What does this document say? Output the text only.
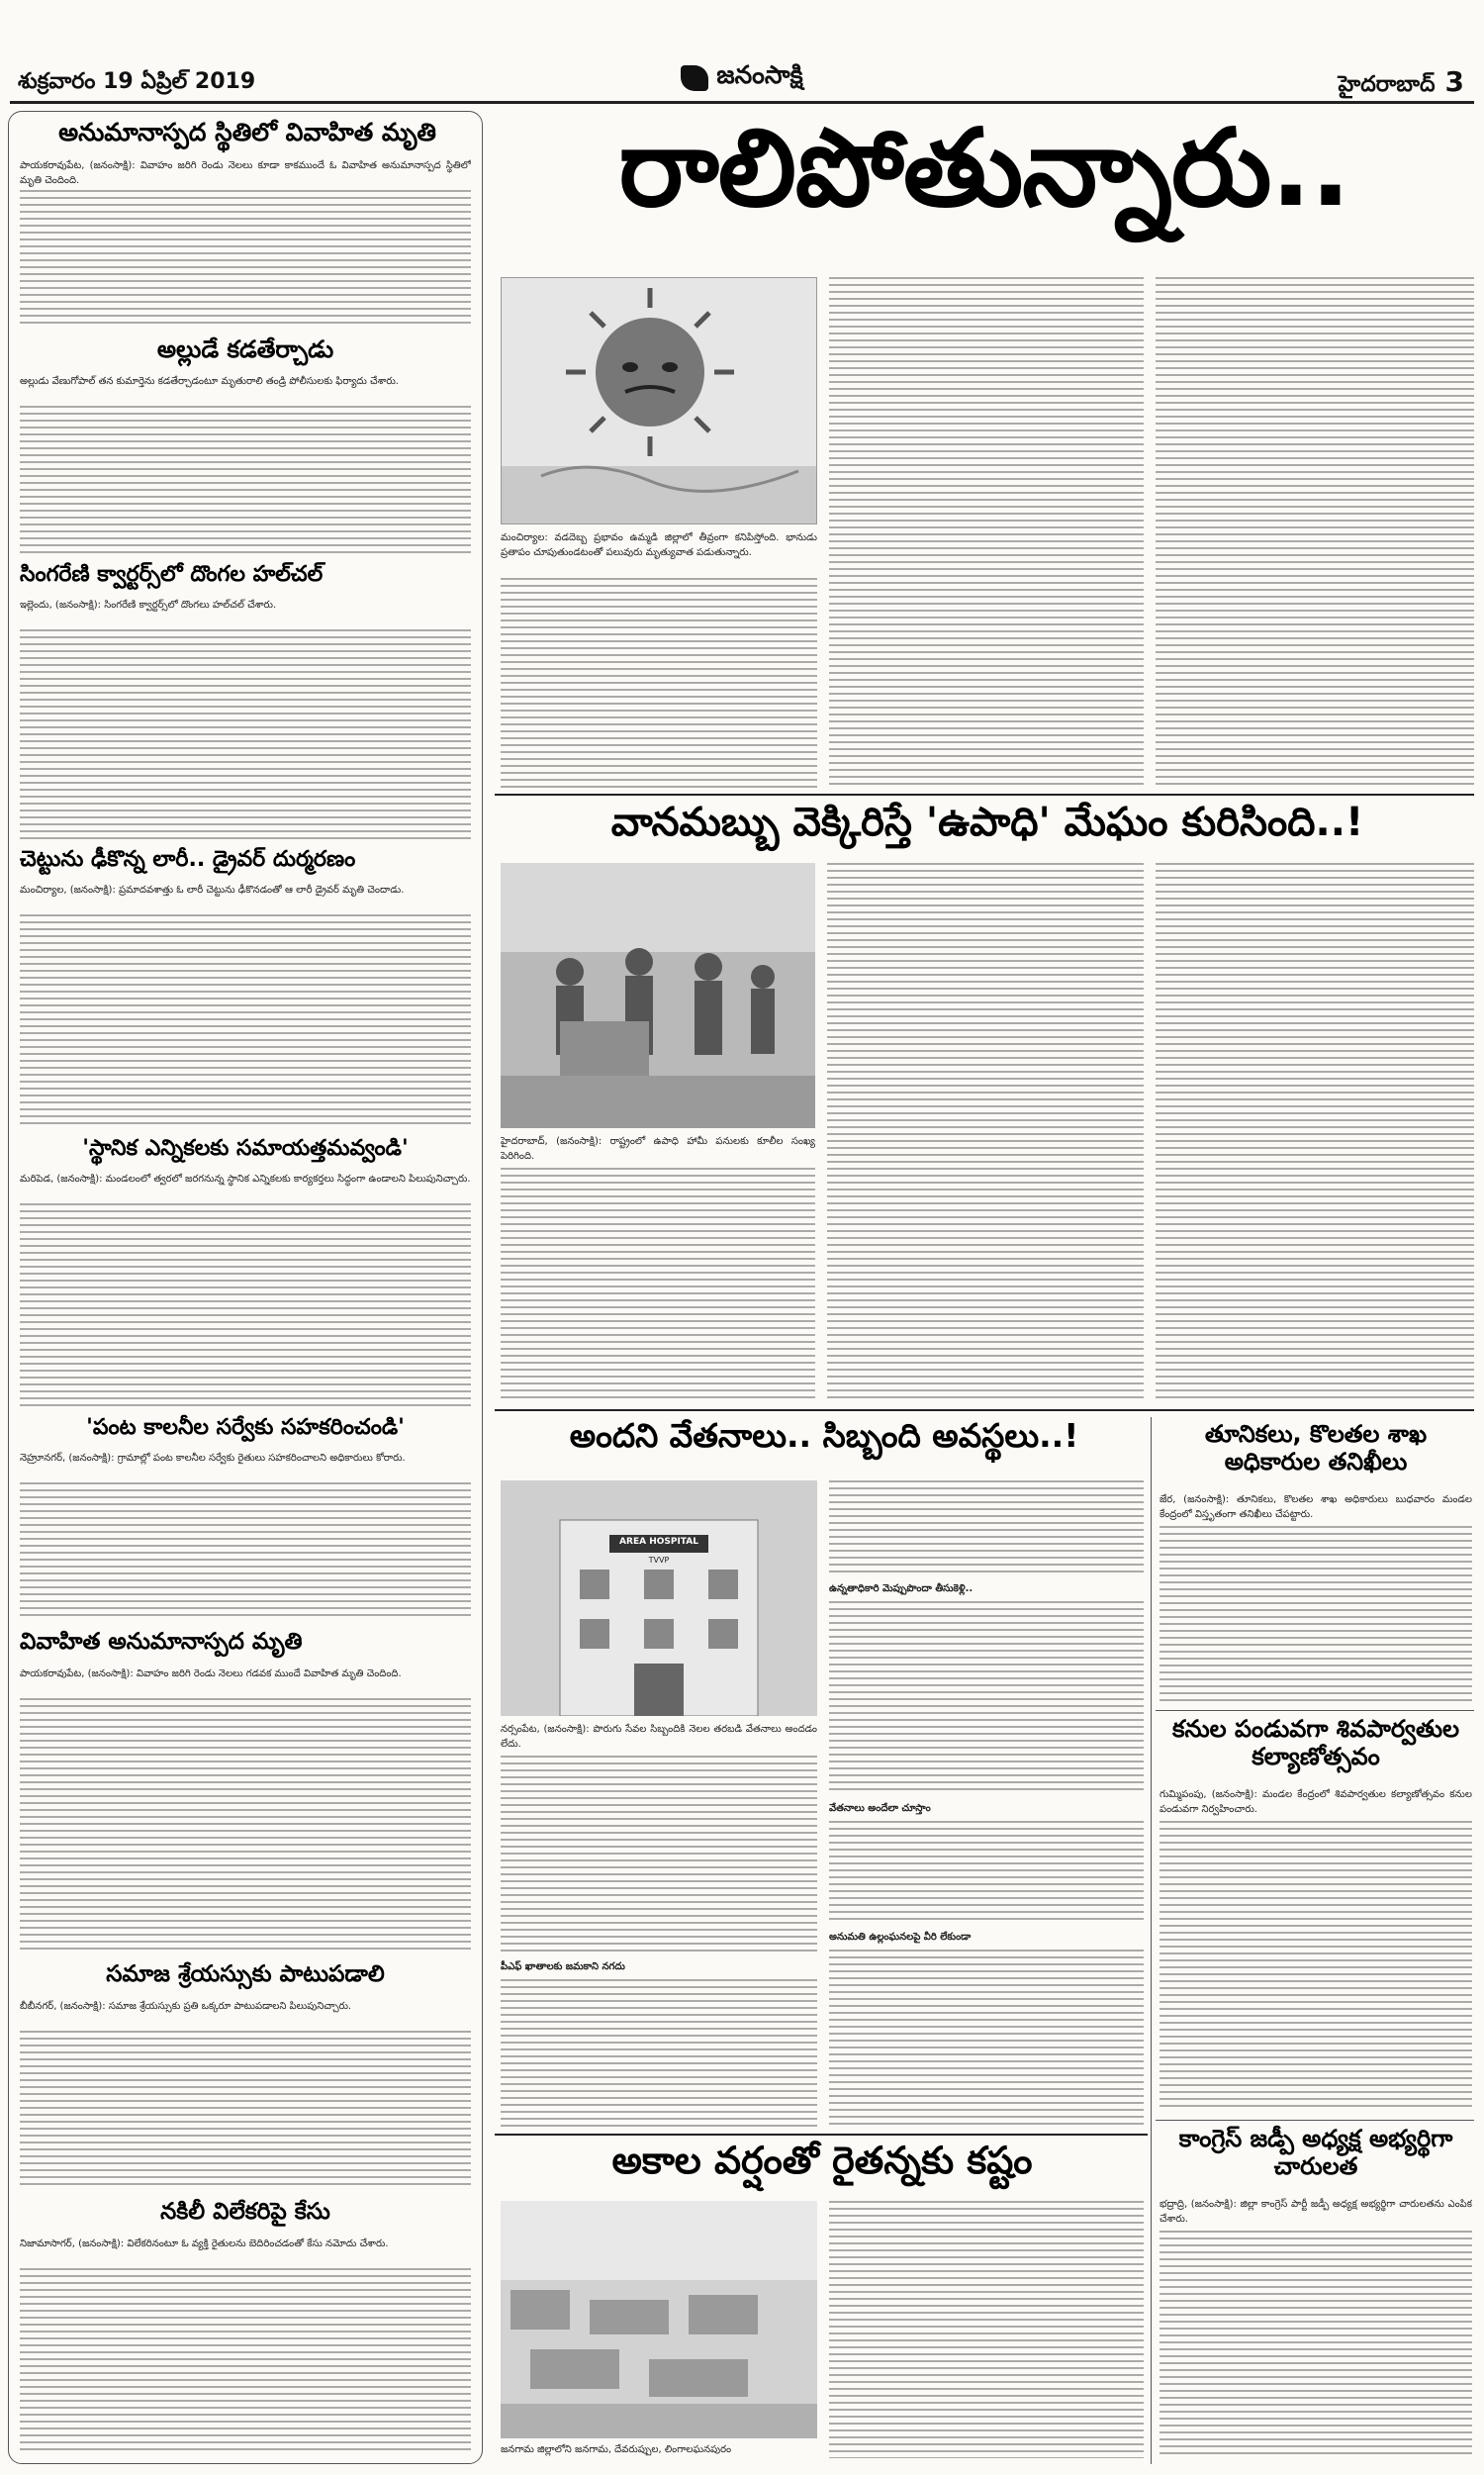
శుక్రవారం 19 ఏప్రిల్ 2019	జనంసాక్షి	హైదరాబాద్ 3
అనుమానాస్పద స్థితిలో వివాహిత మృతి

పాయకరావుపేట, (జనంసాక్షి): వివాహం జరిగి రెండు నెలలు కూడా కాకముందే ఓ వివాహిత అనుమానాస్పద స్థితిలో మృతి చెందింది.

అల్లుడే కడతేర్చాడు

అల్లుడు వేణుగోపాల్ తన కుమార్తెను కడతేర్చాడంటూ మృతురాలి తండ్రి పోలీసులకు ఫిర్యాదు చేశారు.

సింగరేణి క్వార్టర్స్‌లో దొంగల హల్‌చల్

ఇల్లెందు, (జనంసాక్షి): సింగరేణి క్వార్టర్స్‌లో దొంగలు హల్‌చల్ చేశారు.

చెట్టును ఢీకొన్న లారీ.. డ్రైవర్ దుర్మరణం

మంచిర్యాల, (జనంసాక్షి): ప్రమాదవశాత్తు ఓ లారీ చెట్టును ఢీకొనడంతో ఆ లారీ డ్రైవర్ మృతి చెందాడు.

'స్థానిక ఎన్నికలకు సమాయత్తమవ్వండి'

మరిపెడ, (జనంసాక్షి): మండలంలో త్వరలో జరగనున్న స్థానిక ఎన్నికలకు కార్యకర్తలు సిద్ధంగా ఉండాలని పిలుపునిచ్చారు.

'పంట కాలనీల సర్వేకు సహకరించండి'

నెహ్రూనగర్, (జనంసాక్షి): గ్రామాల్లో పంట కాలనీల సర్వేకు రైతులు సహకరించాలని అధికారులు కోరారు.

వివాహిత అనుమానాస్పద మృతి

పాయకరావుపేట, (జనంసాక్షి): వివాహం జరిగి రెండు నెలలు గడవక ముందే వివాహిత మృతి చెందింది.

సమాజ శ్రేయస్సుకు పాటుపడాలి

బీబీనగర్, (జనంసాక్షి): సమాజ శ్రేయస్సుకు ప్రతి ఒక్కరూ పాటుపడాలని పిలుపునిచ్చారు.

నకిలీ విలేకరిపై కేసు

నిజామాసాగర్, (జనంసాక్షి): విలేకరినంటూ ఓ వ్యక్తి రైతులను బెదిరించడంతో కేసు నమోదు చేశారు.

రాలిపోతున్నారు..

మంచిర్యాల: వడదెబ్బ ప్రభావం ఉమ్మడి జిల్లాలో తీవ్రంగా కనిపిస్తోంది. భానుడు ప్రతాపం చూపుతుండటంతో పలువురు మృత్యువాత పడుతున్నారు.

వానమబ్బు వెక్కిరిస్తే 'ఉపాధి' మేఘం కురిసింది..!

హైదరాబాద్, (జనంసాక్షి): రాష్ట్రంలో ఉపాధి హామీ పనులకు కూలీల సంఖ్య పెరిగింది.

అందని వేతనాలు.. సిబ్బంది అవస్థలు..!
AREA HOSPITAL
TVVP

నర్సంపేట, (జనంసాక్షి): పొరుగు సేవల సిబ్బందికి నెలల తరబడి వేతనాలు అందడం లేదు.

పీఎఫ్ ఖాతాలకు జమకాని నగదు
ఉన్నతాధికారి మెప్పుపొందా తీసుకెళ్లి..
వేతనాలు అందేలా చూస్తాం
అనుమతి ఉల్లంఘనలపై వీరి లేకుండా
తూనికలు, కొలతల శాఖ అధికారుల తనిఖీలు

జేర, (జనంసాక్షి): తూనికలు, కొలతల శాఖ అధికారులు బుధవారం మండల కేంద్రంలో విస్తృతంగా తనిఖీలు చేపట్టారు.

కనుల పండువగా శివపార్వతుల కల్యాణోత్సవం

గుమ్మిపంపు, (జనంసాక్షి): మండల కేంద్రంలో శివపార్వతుల కల్యాణోత్సవం కనుల పండువగా నిర్వహించారు.

కాంగ్రెస్ జడ్పీ అధ్యక్ష అభ్యర్థిగా చారులత

భద్రాద్రి, (జనంసాక్షి): జిల్లా కాంగ్రెస్ పార్టీ జడ్పీ అధ్యక్ష అభ్యర్థిగా చారులతను ఎంపిక చేశారు.

అకాల వర్షంతో రైతన్నకు కష్టం

జనగామ జిల్లాలోని జనగామ, దేవరుప్పుల, లింగాలఘనపురం
